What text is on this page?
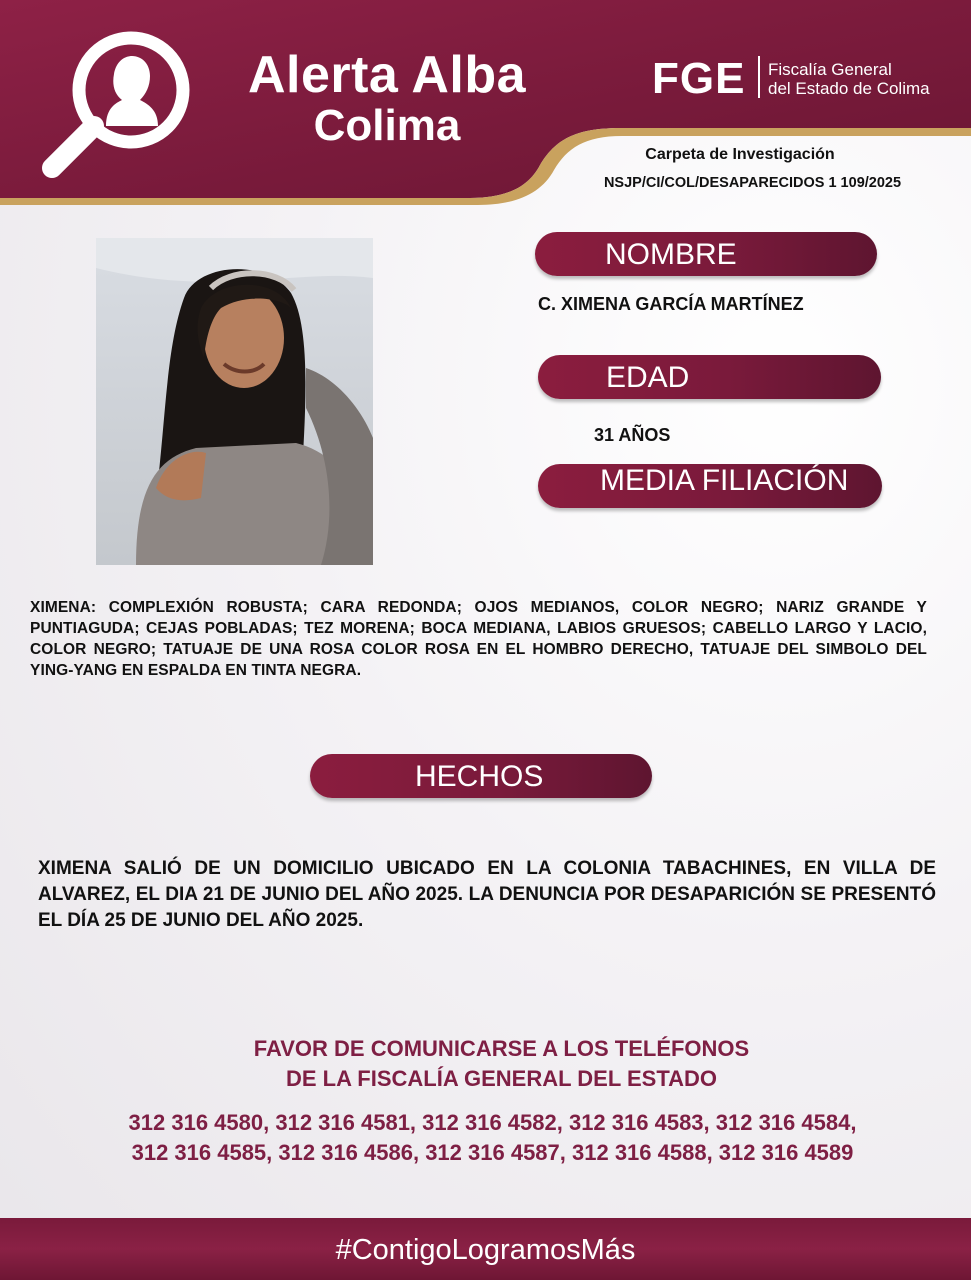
Alerta Alba
Colima
FGE Fiscalía General
del Estado de Colima
Carpeta de Investigación
NSJP/CI/COL/DESAPARECIDOS 1 109/2025
NOMBRE
C. XIMENA GARCÍA MARTÍNEZ
EDAD
31 AÑOS
MEDIA FILIACIÓN
XIMENA: COMPLEXIÓN ROBUSTA; CARA REDONDA; OJOS MEDIANOS, COLOR NEGRO; NARIZ GRANDE Y PUNTIAGUDA; CEJAS POBLADAS; TEZ MORENA; BOCA MEDIANA, LABIOS GRUESOS; CABELLO LARGO Y LACIO, COLOR NEGRO; TATUAJE DE UNA ROSA COLOR ROSA EN EL HOMBRO DERECHO, TATUAJE DEL SIMBOLO DEL YING-YANG EN ESPALDA EN TINTA NEGRA.
HECHOS
XIMENA SALIÓ DE UN DOMICILIO UBICADO EN LA COLONIA TABACHINES, EN VILLA DE ALVAREZ, EL DIA 21 DE JUNIO DEL AÑO 2025. LA DENUNCIA POR DESAPARICIÓN SE PRESENTÓ EL DÍA 25 DE JUNIO DEL AÑO 2025.
FAVOR DE COMUNICARSE A LOS TELÉFONOS
DE LA FISCALÍA GENERAL DEL ESTADO
312 316 4580, 312 316 4581, 312 316 4582, 312 316 4583, 312 316 4584, 312 316 4585, 312 316 4586, 312 316 4587, 312 316 4588, 312 316 4589
#ContigoLogramosMás
